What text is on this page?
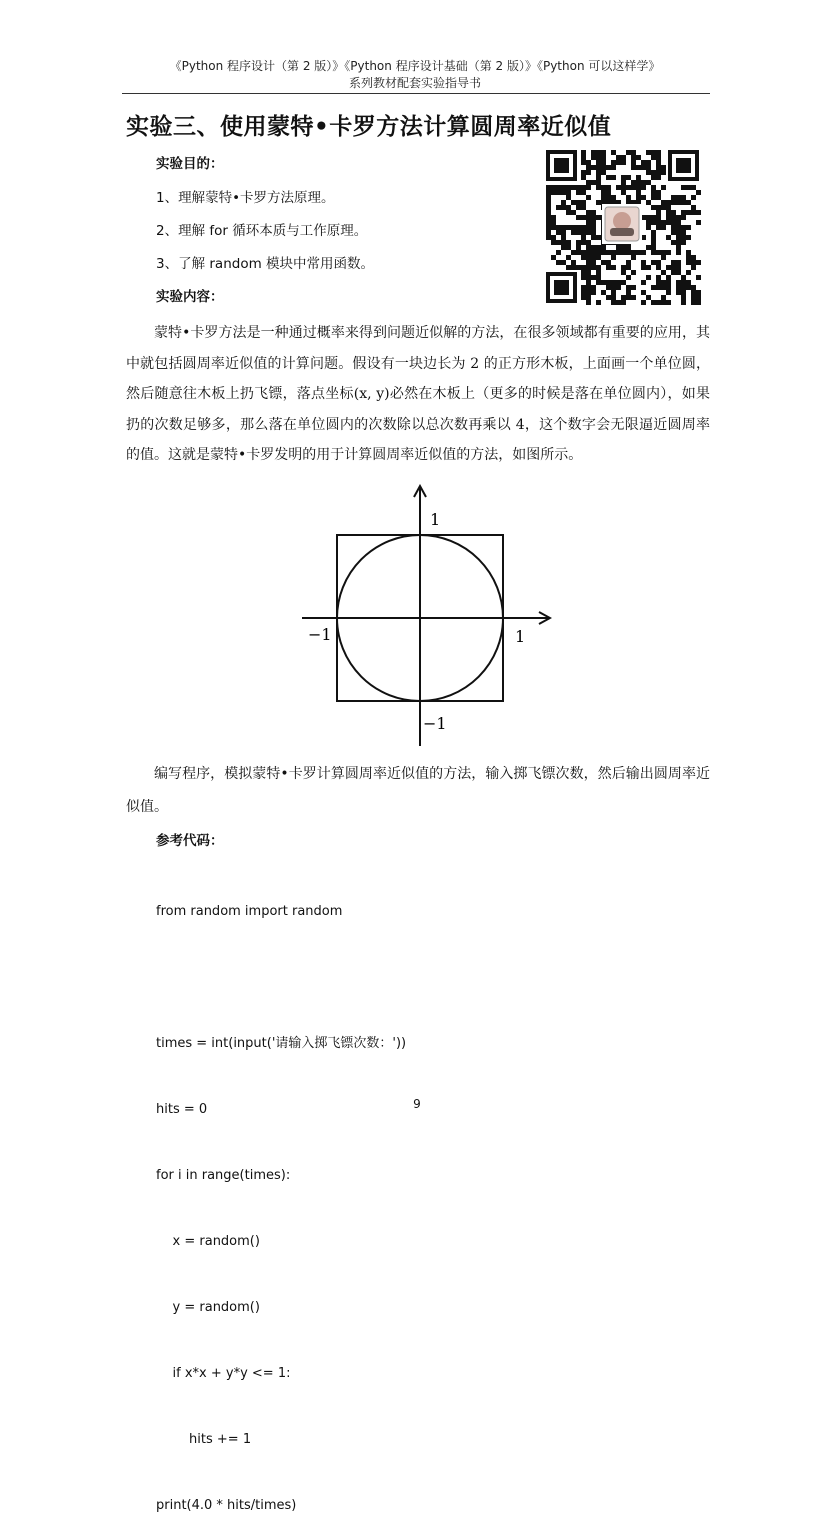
《Python 程序设计（第 2 版）》《Python 程序设计基础（第 2 版）》《Python 可以这样学》
系列教材配套实验指导书
实验三、使用蒙特•卡罗方法计算圆周率近似值
实验目的：
1、理解蒙特•卡罗方法原理。
2、理解 for 循环本质与工作原理。
3、了解 random 模块中常用函数。
实验内容：
蒙特•卡罗方法是一种通过概率来得到问题近似解的方法，在很多领域都有重要的应用，其中就包括圆周率近似值的计算问题。假设有一块边长为 2 的正方形木板，上面画一个单位圆，然后随意往木板上扔飞镖，落点坐标(x, y)必然在木板上（更多的时候是落在单位圆内），如果扔的次数足够多，那么落在单位圆内的次数除以总次数再乘以 4，这个数字会无限逼近圆周率的值。这就是蒙特•卡罗发明的用于计算圆周率近似值的方法，如图所示。
1
1
−1
−1
编写程序，模拟蒙特•卡罗计算圆周率近似值的方法，输入掷飞镖次数，然后输出圆周率近似值。
参考代码：

from random import random

times = int(input('请输入掷飞镖次数：'))

hits = 0

for i in range(times):

x = random()

y = random()

if x*x + y*y <= 1:

hits += 1

print(4.0 * hits/times)

9
